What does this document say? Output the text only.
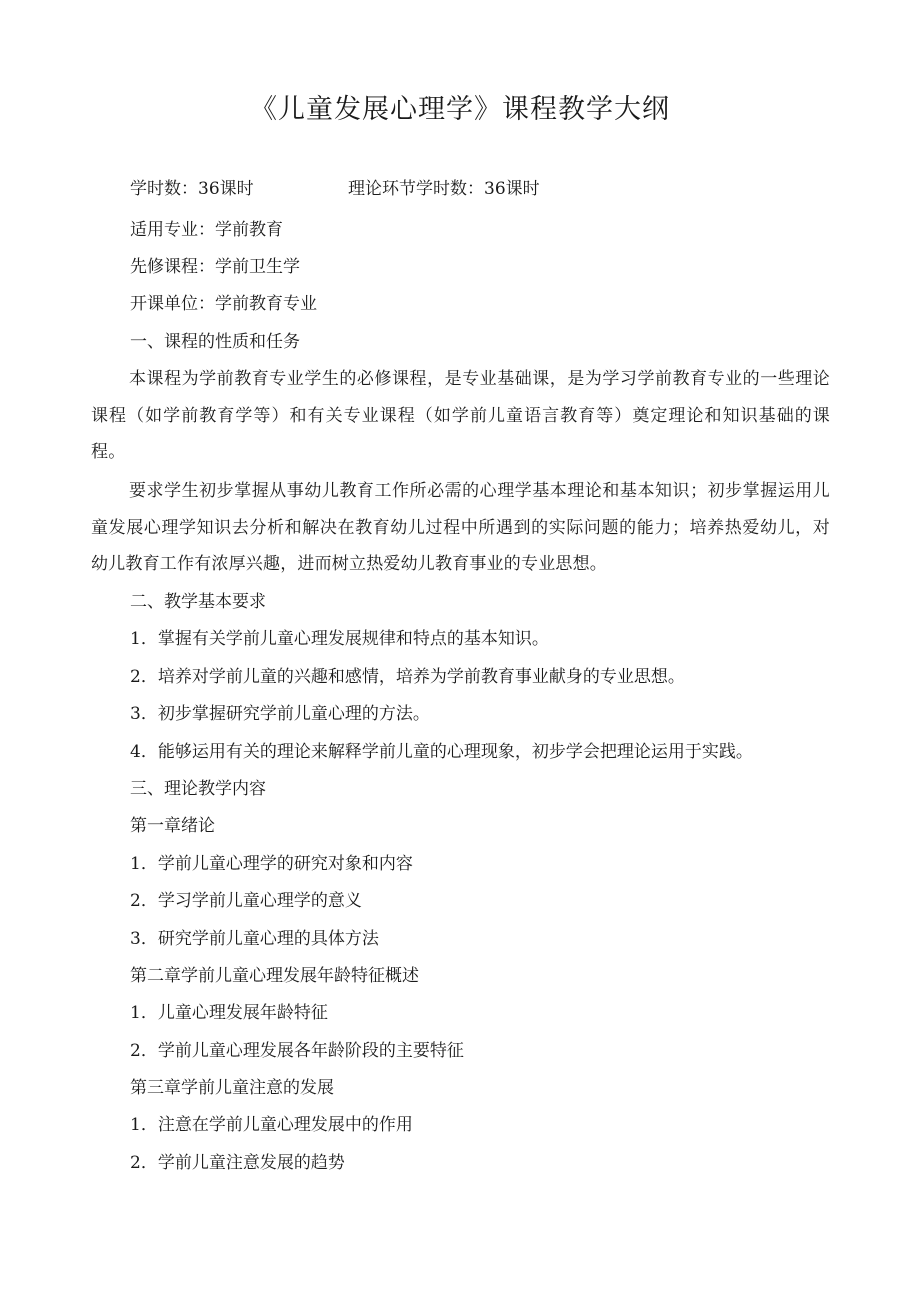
《儿童发展心理学》课程教学大纲
学时数：36课时	理论环节学时数：36课时
适用专业：学前教育
先修课程：学前卫生学
开课单位：学前教育专业
一、课程的性质和任务
本课程为学前教育专业学生的必修课程，是专业基础课，是为学习学前教育专业的一些理论课程（如学前教育学等）和有关专业课程（如学前儿童语言教育等）奠定理论和知识基础的课程。
要求学生初步掌握从事幼儿教育工作所必需的心理学基本理论和基本知识；初步掌握运用儿童发展心理学知识去分析和解决在教育幼儿过程中所遇到的实际问题的能力；培养热爱幼儿，对幼儿教育工作有浓厚兴趣，进而树立热爱幼儿教育事业的专业思想。
二、教学基本要求
1．掌握有关学前儿童心理发展规律和特点的基本知识。
2．培养对学前儿童的兴趣和感情，培养为学前教育事业献身的专业思想。
3．初步掌握研究学前儿童心理的方法。
4．能够运用有关的理论来解释学前儿童的心理现象，初步学会把理论运用于实践。
三、理论教学内容
第一章绪论
1．学前儿童心理学的研究对象和内容
2．学习学前儿童心理学的意义
3．研究学前儿童心理的具体方法
第二章学前儿童心理发展年龄特征概述
1．儿童心理发展年龄特征
2．学前儿童心理发展各年龄阶段的主要特征
第三章学前儿童注意的发展
1．注意在学前儿童心理发展中的作用
2．学前儿童注意发展的趋势
